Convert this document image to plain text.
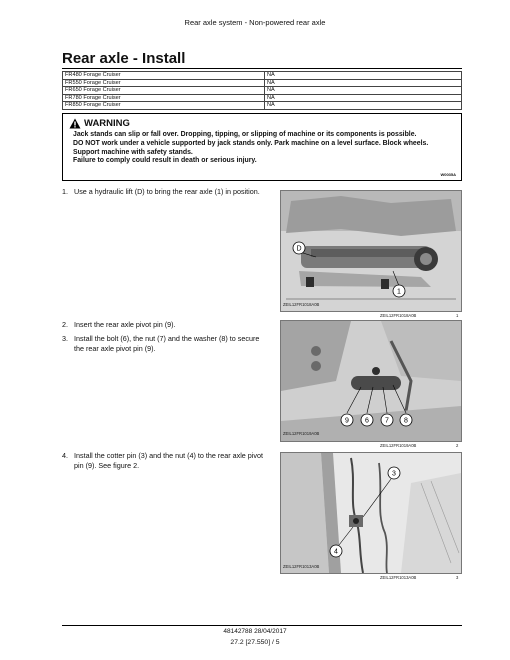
Rear axle system - Non-powered rear axle
Rear axle - Install
FR480 Forage Cruiser	NA
FR550 Forage Cruiser	NA
FR650 Forage Cruiser	NA
FR780 Forage Cruiser	NA
FR850 Forage Cruiser	NA
WARNING
Jack stands can slip or fall over. Dropping, tipping, or slipping of machine or its components is possible.
DO NOT work under a vehicle supported by jack stands only. Park machine on a level surface. Block wheels. Support machine with safety stands.
Failure to comply could result in death or serious injury.
W0035A
1. Use a hydraulic lift (D) to bring the rear axle (1) in position.
D
1
ZEIL12FR1018A0B
ZEIL12FR1018A0B	1
2. Insert the rear axle pivot pin (9).
3. Install the bolt (6), the nut (7) and the washer (8) to secure the rear axle pivot pin (9).
9 6 7 8
ZEIL12FR1019A0B
ZEIL12FR1019A0B	2
4. Install the cotter pin (3) and the nut (4) to the rear axle pivot pin (9). See figure 2.
3
4
ZEIL12FR1013A0B
ZEIL12FR1013A0B	3
48142788 28/04/2017
27.2 [27.550] / 5
